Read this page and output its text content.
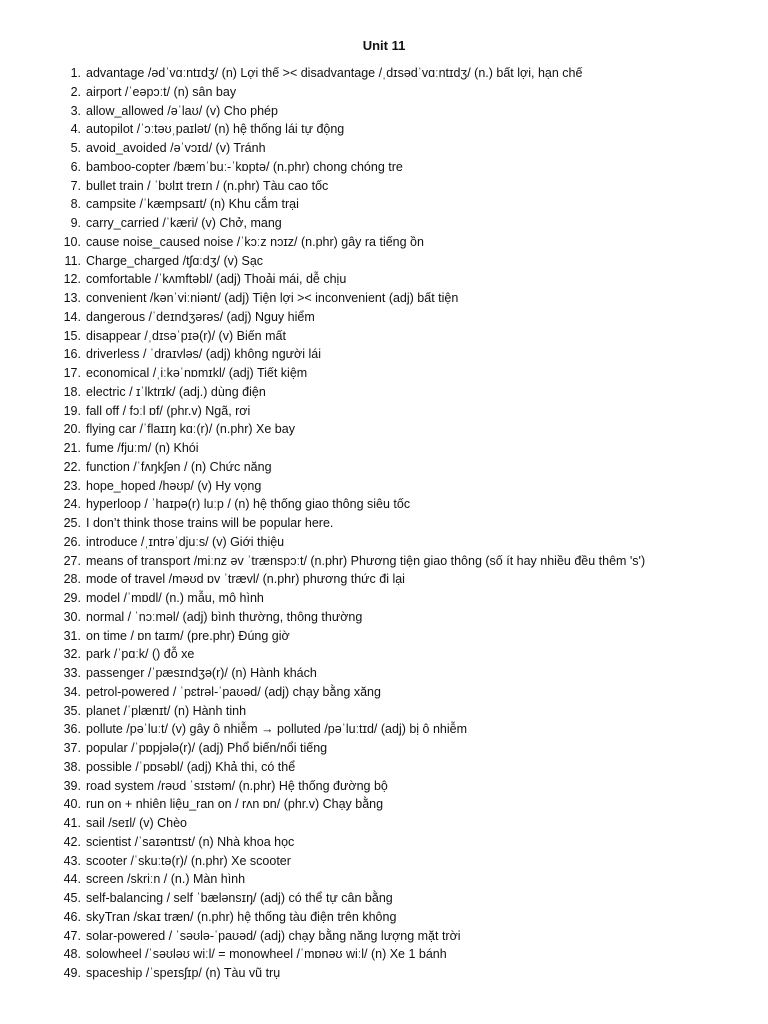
Unit 11
1. advantage /ədˈvɑːntɪdʒ/ (n) Lợi thế >< disadvantage /ˌdɪsədˈvɑːntɪdʒ/ (n.) bất lợi, hạn chế
2. airport /ˈeəpɔːt/ (n) sân bay
3. allow_allowed /əˈlaʊ/ (v) Cho phép
4. autopilot /ˈɔːtəʊˌpaɪlət/ (n) hệ thống lái tự động
5. avoid_avoided /əˈvɔɪd/ (v) Tránh
6. bamboo-copter /bæmˈbuː-ˈkɒptə/ (n.phr) chong chóng tre
7. bullet train / ˈbʊlɪt treɪn / (n.phr) Tàu cao tốc
8. campsite /ˈkæmpsaɪt/ (n) Khu cắm trại
9. carry_carried /ˈkæri/ (v) Chở, mang
10. cause noise_caused noise /ˈkɔːz nɔɪz/ (n.phr) gây ra tiếng ồn
11. Charge_charged /tʃɑːdʒ/ (v) Sạc
12. comfortable /ˈkʌmftəbl/ (adj) Thoải mái, dễ chịu
13. convenient /kənˈviːniənt/ (adj) Tiện lợi >< inconvenient (adj) bất tiện
14. dangerous /ˈdeɪndʒərəs/ (adj) Nguy hiểm
15. disappear /ˌdɪsəˈpɪə(r)/ (v) Biến mất
16. driverless / ˈdraɪvləs/ (adj) không người lái
17. economical /ˌiːkəˈnɒmɪkl/ (adj) Tiết kiệm
18. electric / ɪˈlktrɪk/ (adj.) dùng điện
19. fall off / fɔːl ɒf/ (phr.v) Ngã, rơi
20. flying car /ˈflaɪɪŋ kɑː(r)/ (n.phr) Xe bay
21. fume /fjuːm/ (n) Khói
22. function /ˈfʌŋkʃən / (n) Chức năng
23. hope_hoped /həʊp/ (v) Hy vọng
24. hyperloop / ˈhaɪpə(r) luːp / (n) hệ thống giao thông siêu tốc
25. I don’t think those trains will be popular here.
26. introduce /ˌɪntrəˈdjuːs/ (v) Giới thiệu
27. means of transport /miːnz əv ˈtrænspɔːt/ (n.phr) Phương tiện giao thông (số ít hay nhiều đều thêm 's')
28. mode of travel /məʊd ɒv ˈtrævl/ (n.phr) phương thức đi lại
29. model /ˈmɒdl/ (n.) mẫu, mô hình
30. normal / ˈnɔːməl/ (adj) bình thường, thông thường
31. on time / ɒn taɪm/ (pre.phr) Đúng giờ
32. park /ˈpɑːk/ () đỗ xe
33. passenger /ˈpæsɪndʒə(r)/ (n) Hành khách
34. petrol-powered / ˈpɛtrəl-ˈpaʊəd/ (adj) chạy bằng xăng
35. planet /ˈplænɪt/ (n) Hành tinh
36. pollute /pəˈluːt/ (v) gây ô nhiễm → polluted /pəˈluːtɪd/ (adj) bị ô nhiễm
37. popular /ˈpɒpjələ(r)/ (adj) Phổ biến/nổi tiếng
38. possible /ˈpɒsəbl/ (adj) Khả thi, có thể
39. road system /rəʊd ˈsɪstəm/ (n.phr) Hệ thống đường bộ
40. run on + nhiên liệu_ran on / rʌn ɒn/ (phr.v) Chạy bằng
41. sail /seɪl/ (v) Chèo
42. scientist /ˈsaɪəntɪst/ (n) Nhà khoa học
43. scooter /ˈskuːtə(r)/ (n.phr) Xe scooter
44. screen /skriːn / (n.) Màn hình
45. self-balancing / self ˈbælənsɪŋ/ (adj) có thể tự cân bằng
46. skyTran /skaɪ træn/ (n.phr) hệ thống tàu điện trên không
47. solar-powered / ˈsəʊlə-ˈpaʊəd/ (adj) chạy bằng năng lượng mặt trời
48. solowheel /ˈsəʊləʊ wiːl/ = monowheel /ˈmɒnəʊ wiːl/ (n) Xe 1 bánh
49. spaceship /ˈspeɪsʃɪp/ (n) Tàu vũ trụ
